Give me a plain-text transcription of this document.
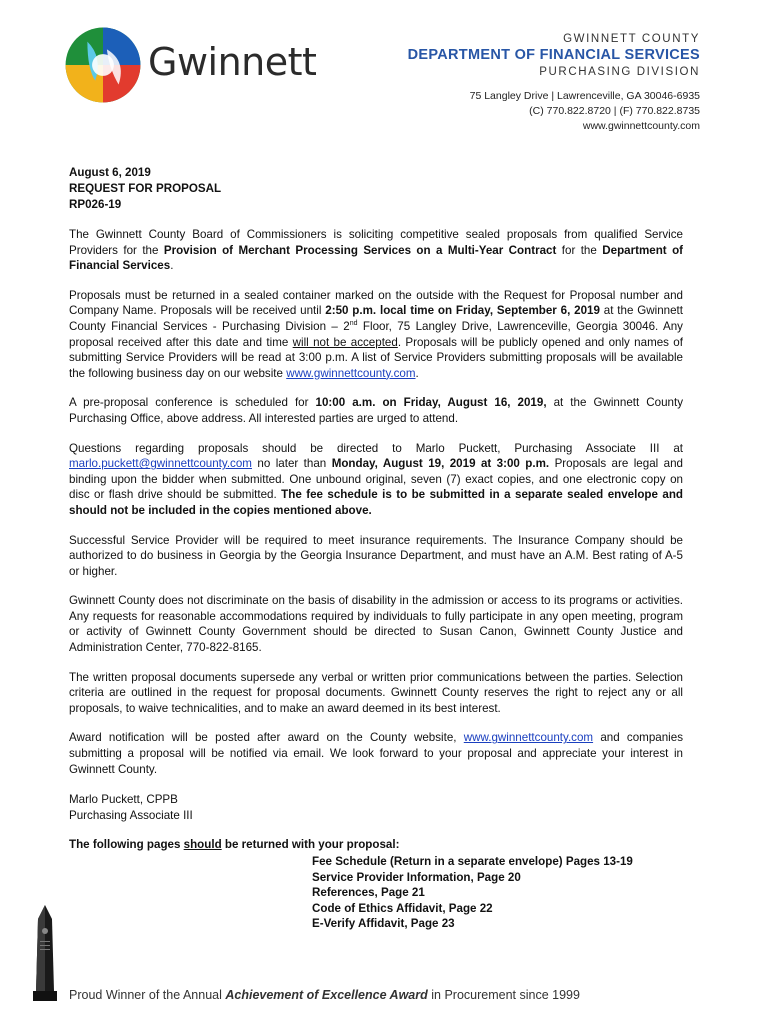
Gwinnett
GWINNETT COUNTY
DEPARTMENT OF FINANCIAL SERVICES
PURCHASING DIVISION
75 Langley Drive | Lawrenceville, GA 30046-6935
(C) 770.822.8720 | (F) 770.822.8735
www.gwinnettcounty.com
August 6, 2019
REQUEST FOR PROPOSAL
RP026-19
The Gwinnett County Board of Commissioners is soliciting competitive sealed proposals from qualified Service Providers for the Provision of Merchant Processing Services on a Multi-Year Contract for the Department of Financial Services.
Proposals must be returned in a sealed container marked on the outside with the Request for Proposal number and Company Name. Proposals will be received until 2:50 p.m. local time on Friday, September 6, 2019 at the Gwinnett County Financial Services - Purchasing Division – 2nd Floor, 75 Langley Drive, Lawrenceville, Georgia 30046. Any proposal received after this date and time will not be accepted. Proposals will be publicly opened and only names of submitting Service Providers will be read at 3:00 p.m. A list of Service Providers submitting proposals will be available the following business day on our website www.gwinnettcounty.com.
A pre-proposal conference is scheduled for 10:00 a.m. on Friday, August 16, 2019, at the Gwinnett County Purchasing Office, above address. All interested parties are urged to attend.
Questions regarding proposals should be directed to Marlo Puckett, Purchasing Associate III at marlo.puckett@gwinnettcounty.com no later than Monday, August 19, 2019 at 3:00 p.m. Proposals are legal and binding upon the bidder when submitted. One unbound original, seven (7) exact copies, and one electronic copy on disc or flash drive should be submitted. The fee schedule is to be submitted in a separate sealed envelope and should not be included in the copies mentioned above.
Successful Service Provider will be required to meet insurance requirements. The Insurance Company should be authorized to do business in Georgia by the Georgia Insurance Department, and must have an A.M. Best rating of A-5 or higher.
Gwinnett County does not discriminate on the basis of disability in the admission or access to its programs or activities. Any requests for reasonable accommodations required by individuals to fully participate in any open meeting, program or activity of Gwinnett County Government should be directed to Susan Canon, Gwinnett County Justice and Administration Center, 770-822-8165.
The written proposal documents supersede any verbal or written prior communications between the parties. Selection criteria are outlined in the request for proposal documents. Gwinnett County reserves the right to reject any or all proposals, to waive technicalities, and to make an award deemed in its best interest.
Award notification will be posted after award on the County website, www.gwinnettcounty.com and companies submitting a proposal will be notified via email. We look forward to your proposal and appreciate your interest in Gwinnett County.
Marlo Puckett, CPPB
Purchasing Associate III
The following pages should be returned with your proposal:
Fee Schedule (Return in a separate envelope) Pages 13-19
Service Provider Information, Page 20
References, Page 21
Code of Ethics Affidavit, Page 22
E-Verify Affidavit, Page 23
Proud Winner of the Annual Achievement of Excellence Award in Procurement since 1999
